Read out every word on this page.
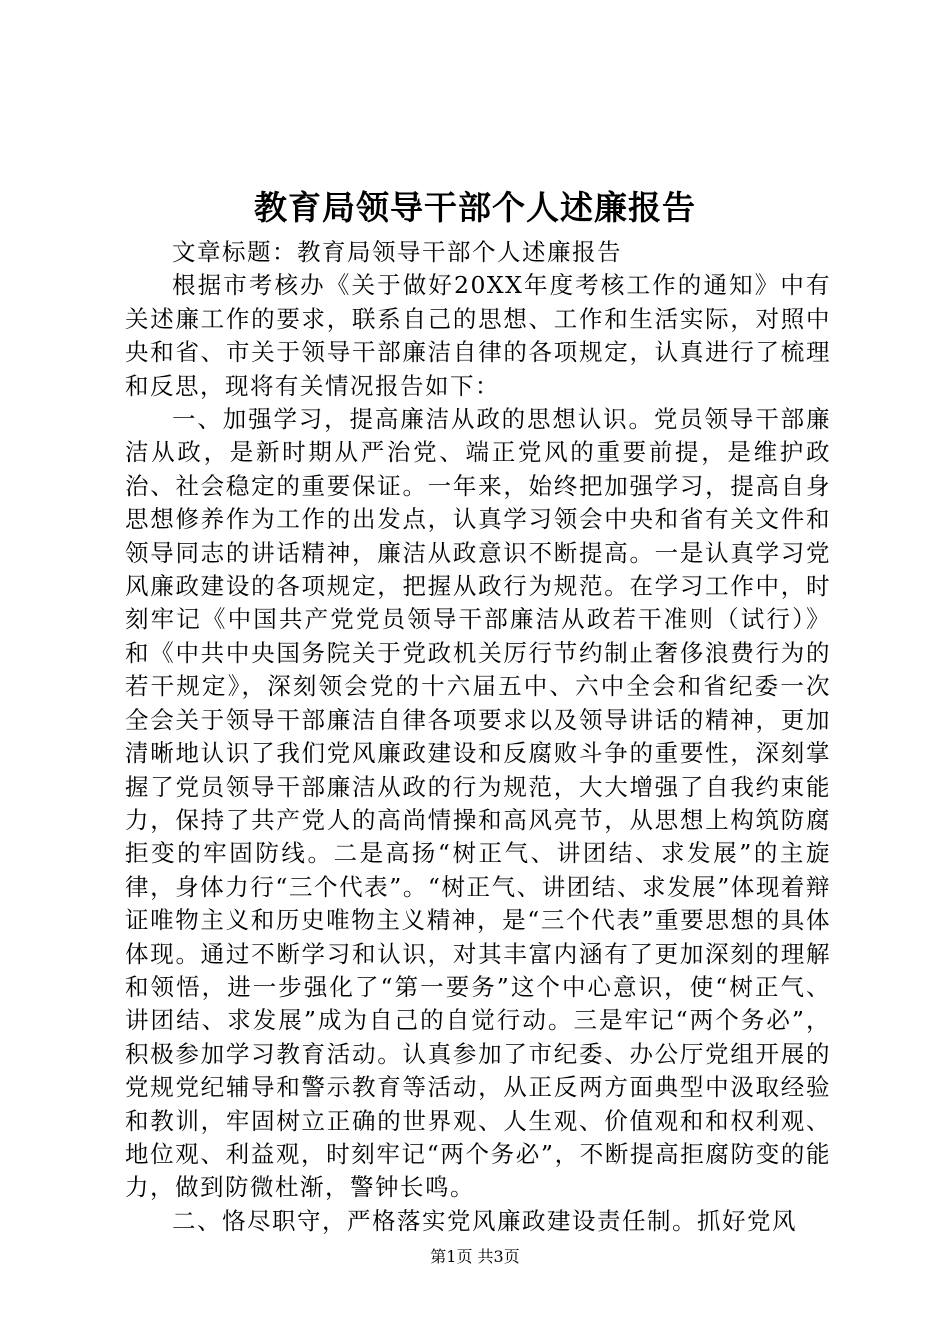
教育局领导干部个人述廉报告

文章标题：教育局领导干部个人述廉报告

根据市考核办《关于做好20XX年度考核工作的通知》中有关述廉工作的要求，联系自己的思想、工作和生活实际，对照中央和省、市关于领导干部廉洁自律的各项规定，认真进行了梳理和反思，现将有关情况报告如下：

一、加强学习，提高廉洁从政的思想认识。党员领导干部廉洁从政，是新时期从严治党、端正党风的重要前提，是维护政治、社会稳定的重要保证。一年来，始终把加强学习，提高自身思想修养作为工作的出发点，认真学习领会中央和省有关文件和领导同志的讲话精神，廉洁从政意识不断提高。一是认真学习党风廉政建设的各项规定，把握从政行为规范。在学习工作中，时刻牢记《中国共产党党员领导干部廉洁从政若干准则（试行）》和《中共中央国务院关于党政机关厉行节约制止奢侈浪费行为的若干规定》，深刻领会党的十六届五中、六中全会和省纪委一次全会关于领导干部廉洁自律各项要求以及领导讲话的精神，更加清晰地认识了我们党风廉政建设和反腐败斗争的重要性，深刻掌握了党员领导干部廉洁从政的行为规范，大大增强了自我约束能力，保持了共产党人的高尚情操和高风亮节，从思想上构筑防腐拒变的牢固防线。二是高扬“树正气、讲团结、求发展”的主旋律，身体力行“三个代表”。“树正气、讲团结、求发展”体现着辩证唯物主义和历史唯物主义精神，是“三个代表”重要思想的具体体现。通过不断学习和认识，对其丰富内涵有了更加深刻的理解和领悟，进一步强化了“第一要务”这个中心意识，使“树正气、讲团结、求发展”成为自己的自觉行动。三是牢记“两个务必”，积极参加学习教育活动。认真参加了市纪委、办公厅党组开展的党规党纪辅导和警示教育等活动，从正反两方面典型中汲取经验和教训，牢固树立正确的世界观、人生观、价值观和和权利观、地位观、利益观，时刻牢记“两个务必”，不断提高拒腐防变的能力，做到防微杜渐，警钟长鸣。

二、恪尽职守，严格落实党风廉政建设责任制。抓好党风

第1页 共3页
